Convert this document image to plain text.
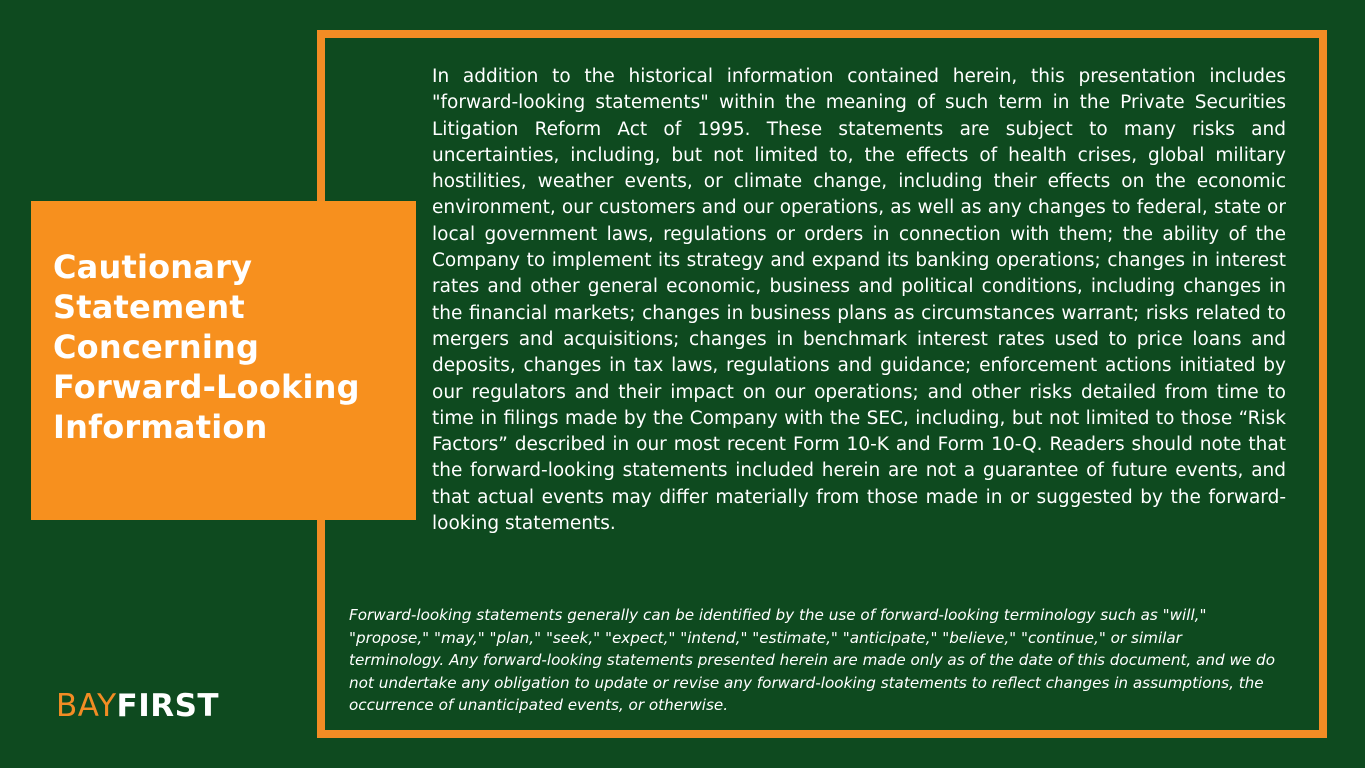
Cautionary
Statement
Concerning
Forward-Looking
Information

In addition to the historical information contained herein, this presentation includes "forward-looking statements" within the meaning of such term in the Private Securities Litigation Reform Act of 1995. These statements are subject to many risks and uncertainties, including, but not limited to, the effects of health crises, global military hostilities, weather events, or climate change, including their effects on the economic environment, our customers and our operations, as well as any changes to federal, state or local government laws, regulations or orders in connection with them; the ability of the Company to implement its strategy and expand its banking operations; changes in interest rates and other general economic, business and political conditions, including changes in the financial markets; changes in business plans as circumstances warrant; risks related to mergers and acquisitions; changes in benchmark interest rates used to price loans and deposits, changes in tax laws, regulations and guidance; enforcement actions initiated by our regulators and their impact on our operations; and other risks detailed from time to time in filings made by the Company with the SEC, including, but not limited to those “Risk Factors” described in our most recent Form 10-K and Form 10-Q. Readers should note that the forward-looking statements included herein are not a guarantee of future events, and that actual events may differ materially from those made in or suggested by the forward-looking statements.

Forward-looking statements generally can be identified by the use of forward-looking terminology such as "will," "propose," "may," "plan," "seek," "expect," "intend," "estimate," "anticipate," "believe," "continue," or similar terminology. Any forward-looking statements presented herein are made only as of the date of this document, and we do not undertake any obligation to update or revise any forward-looking statements to reflect changes in assumptions, the occurrence of unanticipated events, or otherwise.

BAYFIRST
